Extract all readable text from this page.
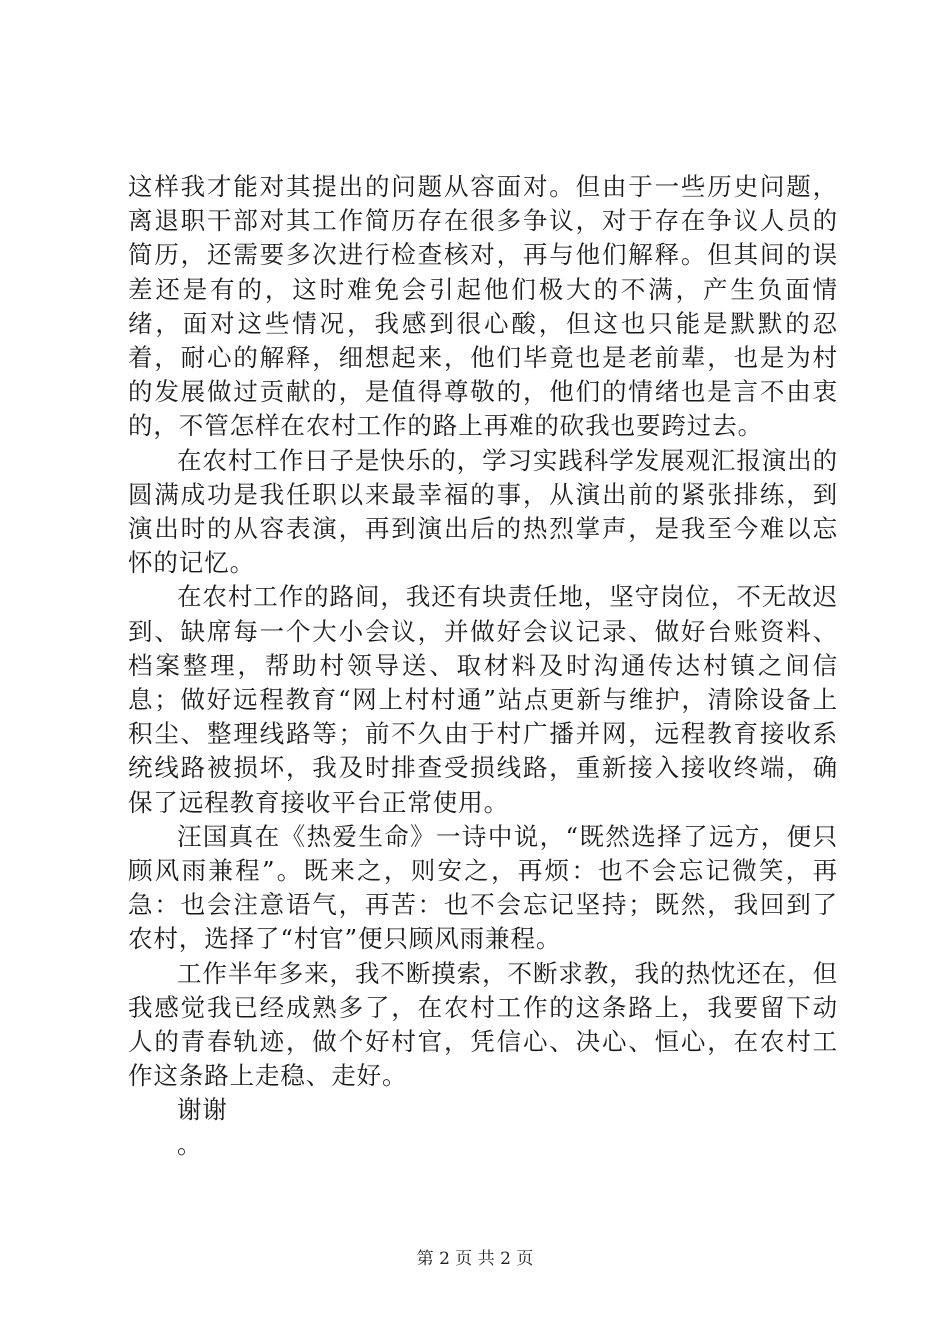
这样我才能对其提出的问题从容面对。但由于一些历史问题，离退职干部对其工作简历存在很多争议，对于存在争议人员的简历，还需要多次进行检查核对，再与他们解释。但其间的误差还是有的，这时难免会引起他们极大的不满，产生负面情绪，面对这些情况，我感到很心酸，但这也只能是默默的忍着，耐心的解释，细想起来，他们毕竟也是老前辈，也是为村的发展做过贡献的，是值得尊敬的，他们的情绪也是言不由衷的，不管怎样在农村工作的路上再难的砍我也要跨过去。

在农村工作日子是快乐的，学习实践科学发展观汇报演出的圆满成功是我任职以来最幸福的事，从演出前的紧张排练，到演出时的从容表演，再到演出后的热烈掌声，是我至今难以忘怀的记忆。

在农村工作的路间，我还有块责任地，坚守岗位，不无故迟到、缺席每一个大小会议，并做好会议记录、做好台账资料、档案整理，帮助村领导送、取材料及时沟通传达村镇之间信息；做好远程教育“网上村村通”站点更新与维护，清除设备上积尘、整理线路等；前不久由于村广播并网，远程教育接收系统线路被损坏，我及时排查受损线路，重新接入接收终端，确保了远程教育接收平台正常使用。

汪国真在《热爱生命》一诗中说，“既然选择了远方，便只顾风雨兼程”。既来之，则安之，再烦：也不会忘记微笑，再急：也会注意语气，再苦：也不会忘记坚持；既然，我回到了农村，选择了“村官”便只顾风雨兼程。

工作半年多来，我不断摸索，不断求教，我的热忱还在，但我感觉我已经成熟多了，在农村工作的这条路上，我要留下动人的青春轨迹，做个好村官，凭信心、决心、恒心，在农村工作这条路上走稳、走好。

谢谢

。

第 2 页 共 2 页
